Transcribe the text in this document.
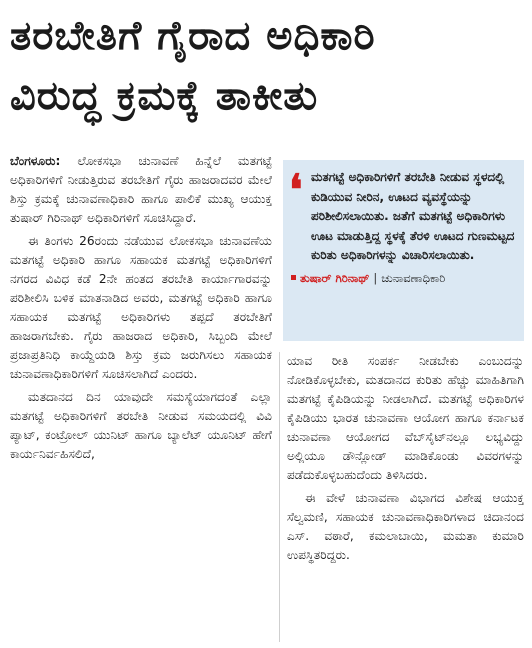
ತರಬೇತಿಗೆ ಗೈರಾದ ಅಧಿಕಾರಿ
ವಿರುದ್ಧ ಕ್ರಮಕ್ಕೆ ತಾಕೀತು

ಬೆಂಗಳೂರು: ಲೋಕಸಭಾ ಚುನಾವಣೆ ಹಿನ್ನೆಲೆ ಮತಗಟ್ಟೆ ಅಧಿಕಾರಿಗಳಿಗೆ ನೀಡುತ್ತಿರುವ ತರಬೇತಿಗೆ ಗೈರು ಹಾಜರಾದವರ ಮೇಲೆ ಶಿಸ್ತು ಕ್ರಮಕ್ಕೆ ಚುನಾವಣಾಧಿಕಾರಿ ಹಾಗೂ ಪಾಲಿಕೆ ಮುಖ್ಯ ಆಯುಕ್ತ ತುಷಾರ್ ಗಿರಿನಾಥ್ ಅಧಿಕಾರಿಗಳಿಗೆ ಸೂಚಿಸಿದ್ದಾರೆ.

ಈ ತಿಂಗಳು 26ರಂದು ನಡೆಯುವ ಲೋಕಸಭಾ ಚುನಾವಣೆಯ ಮತಗಟ್ಟೆ ಅಧಿಕಾರಿ ಹಾಗೂ ಸಹಾಯಕ ಮತಗಟ್ಟೆ ಅಧಿಕಾರಿಗಳಿಗೆ ನಗರದ ವಿವಿಧ ಕಡೆ 2ನೇ ಹಂತದ ತರಬೇತಿ ಕಾರ್ಯಾಗಾರವನ್ನು ಪರಿಶೀಲಿಸಿ ಬಳಿಕ ಮಾತನಾಡಿದ ಅವರು, ಮತಗಟ್ಟೆ ಅಧಿಕಾರಿ ಹಾಗೂ ಸಹಾಯಕ ಮತಗಟ್ಟೆ ಅಧಿಕಾರಿಗಳು ತಪ್ಪದೆ ತರಬೇತಿಗೆ ಹಾಜರಾಗಬೇಕು. ಗೈರು ಹಾಜರಾದ ಅಧಿಕಾರಿ, ಸಿಬ್ಬಂದಿ ಮೇಲೆ ಪ್ರಜಾಪ್ರತಿನಿಧಿ ಕಾಯ್ದೆಯಡಿ ಶಿಸ್ತು ಕ್ರಮ ಜರುಗಿಸಲು ಸಹಾಯಕ ಚುನಾವಣಾಧಿಕಾರಿಗಳಿಗೆ ಸೂಚಿಸಲಾಗಿದೆ ಎಂದರು.

ಮತದಾನದ ದಿನ ಯಾವುದೇ ಸಮಸ್ಯೆಯಾಗದಂತೆ ಎಲ್ಲಾ ಮತಗಟ್ಟೆ ಅಧಿಕಾರಿಗಳಿಗೆ ತರಬೇತಿ ನೀಡುವ ಸಮಯದಲ್ಲಿ ವಿವಿ ಪ್ಯಾಟ್, ಕಂಟ್ರೋಲ್ ಯುನಿಟ್ ಹಾಗೂ ಬ್ಯಾಲೆಟ್ ಯೂನಿಟ್ ಹೇಗೆ ಕಾರ್ಯನಿರ್ವಹಿಸಲಿದೆ,

❛ ಮತಗಟ್ಟೆ ಅಧಿಕಾರಿಗಳಿಗೆ ತರಬೇತಿ ನೀಡುವ ಸ್ಥಳದಲ್ಲಿ ಕುಡಿಯುವ ನೀರಿನ, ಊಟದ ವ್ಯವಸ್ಥೆಯನ್ನು ಪರಿಶೀಲಿಸಲಾಯಿತು. ಜತೆಗೆ ಮತಗಟ್ಟೆ ಅಧಿಕಾರಿಗಳು ಊಟ ಮಾಡುತ್ತಿದ್ದ ಸ್ಥಳಕ್ಕೆ ತೆರಳಿ ಊಟದ ಗುಣಮಟ್ಟದ ಕುರಿತು ಅಧಿಕಾರಿಗಳನ್ನು ವಿಚಾರಿಸಲಾಯಿತು.
ತುಷಾರ್ ಗಿರಿನಾಥ್ | ಚುನಾವಣಾಧಿಕಾರಿ

ಯಾವ ರೀತಿ ಸಂಪರ್ಕ ನೀಡಬೇಕು ಎಂಬುದನ್ನು ನೋಡಿಕೊಳ್ಳಬೇಕು, ಮತದಾನದ ಕುರಿತು ಹೆಚ್ಚು ಮಾಹಿತಿಗಾಗಿ ಮತಗಟ್ಟೆ ಕೈಪಿಡಿಯನ್ನು ನೀಡಲಾಗಿದೆ. ಮತಗಟ್ಟೆ ಅಧಿಕಾರಿಗಳ ಕೈಪಿಡಿಯು ಭಾರತ ಚುನಾವಣಾ ಆಯೋಗ ಹಾಗೂ ಕರ್ನಾಟಕ ಚುನಾವಣಾ ಆಯೋಗದ ವೆಬ್‌ಸೈಟ್‌ನಲ್ಲೂ ಲಭ್ಯವಿದ್ದು ಅಲ್ಲಿಯೂ ಡೌನ್ಲೋಡ್ ಮಾಡಿಕೊಂಡು ವಿವರಗಳನ್ನು ಪಡೆದುಕೊಳ್ಳಬಹುದೆಂದು ತಿಳಿಸಿದರು.

ಈ ವೇಳೆ ಚುನಾವಣಾ ವಿಭಾಗದ ವಿಶೇಷ ಆಯುಕ್ತ ಸೆಲ್ವಮಣಿ, ಸಹಾಯಕ ಚುನಾವಣಾಧಿಕಾರಿಗಳಾದ ಚಿದಾನಂದ ಎಸ್. ವಠಾರೆ, ಕಮಲಾಬಾಯಿ, ಮಮತಾ ಕುಮಾರಿ ಉಪಸ್ಥಿತರಿದ್ದರು.
